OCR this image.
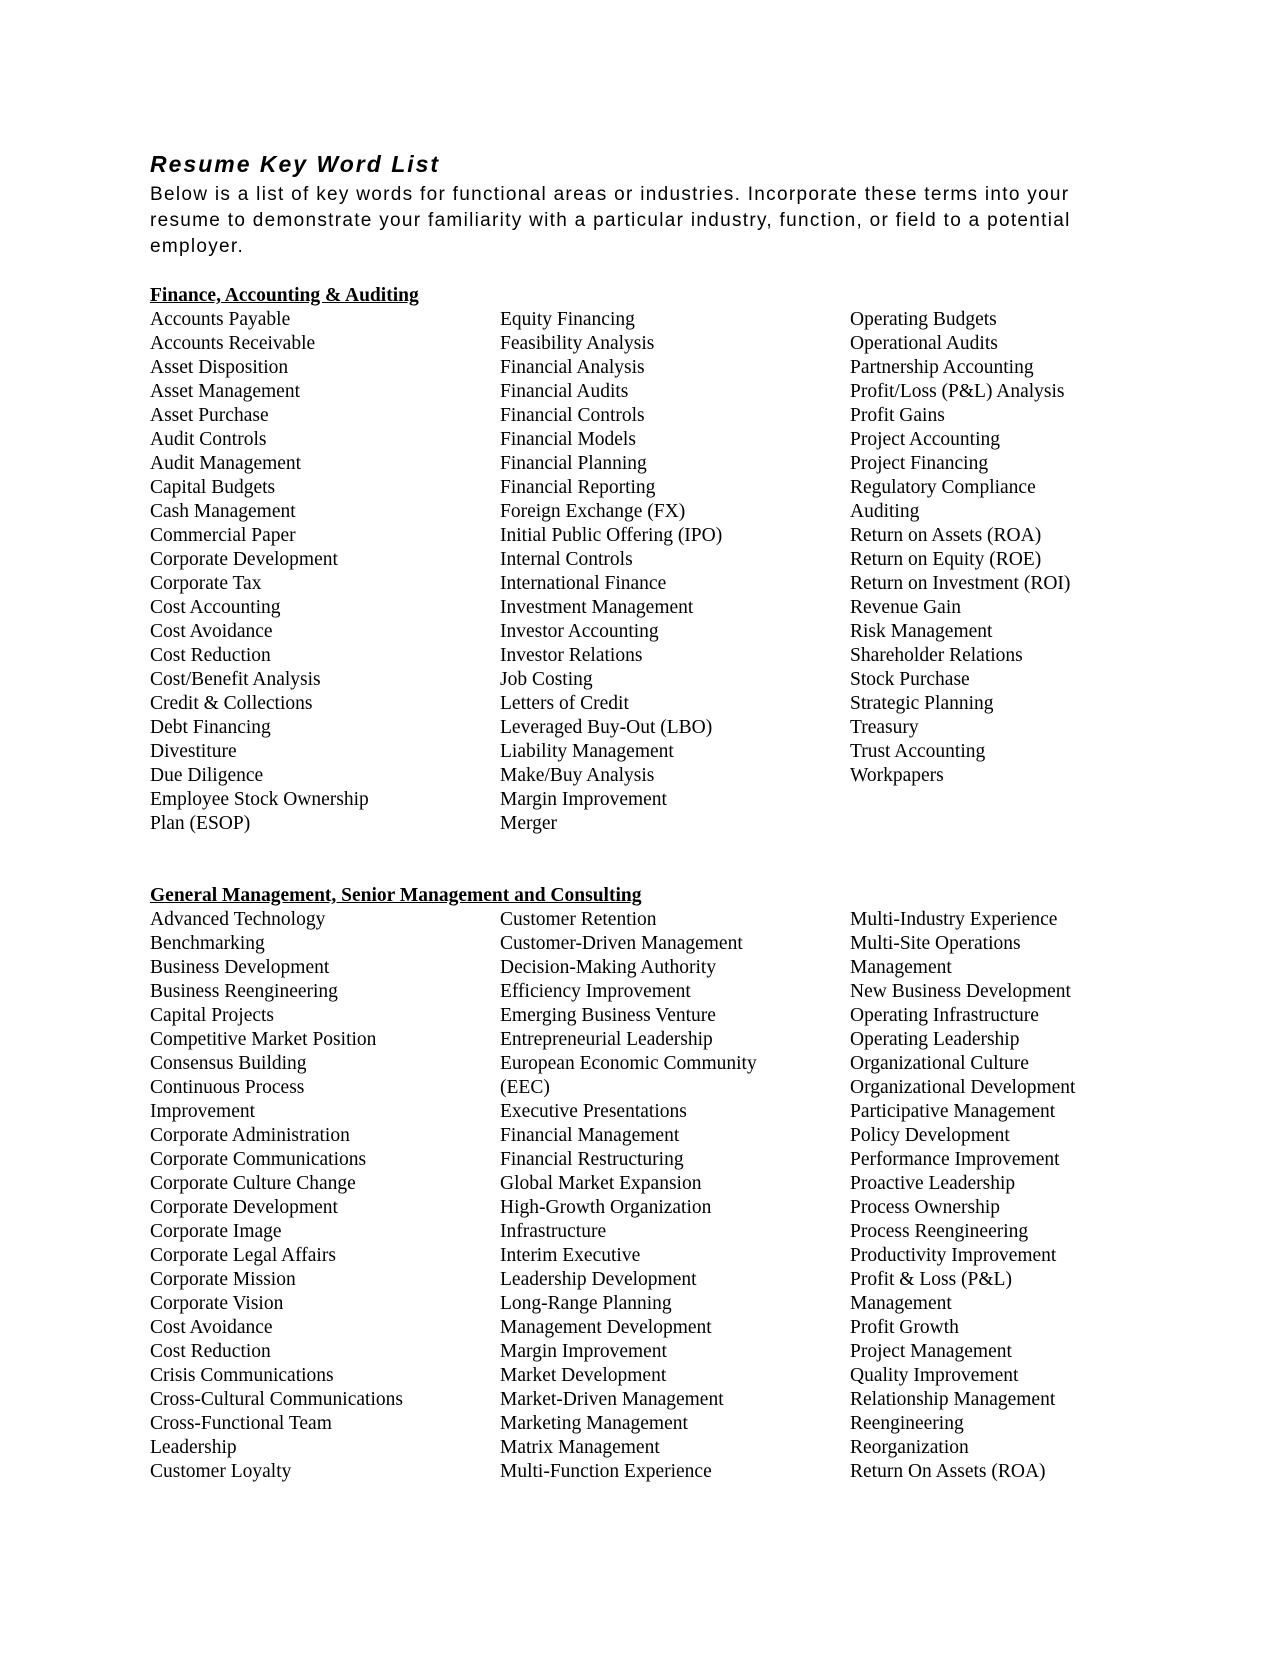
Resume Key Word List

Below is a list of key words for functional areas or industries. Incorporate these terms into your resume to demonstrate your familiarity with a particular industry, function, or field to a potential employer.

Finance, Accounting & Auditing
Accounts Payable
Accounts Receivable
Asset Disposition
Asset Management
Asset Purchase
Audit Controls
Audit Management
Capital Budgets
Cash Management
Commercial Paper
Corporate Development
Corporate Tax
Cost Accounting
Cost Avoidance
Cost Reduction
Cost/Benefit Analysis
Credit & Collections
Debt Financing
Divestiture
Due Diligence
Employee Stock Ownership
Plan (ESOP)
Equity Financing
Feasibility Analysis
Financial Analysis
Financial Audits
Financial Controls
Financial Models
Financial Planning
Financial Reporting
Foreign Exchange (FX)
Initial Public Offering (IPO)
Internal Controls
International Finance
Investment Management
Investor Accounting
Investor Relations
Job Costing
Letters of Credit
Leveraged Buy-Out (LBO)
Liability Management
Make/Buy Analysis
Margin Improvement
Merger
Operating Budgets
Operational Audits
Partnership Accounting
Profit/Loss (P&L) Analysis
Profit Gains
Project Accounting
Project Financing
Regulatory Compliance
Auditing
Return on Assets (ROA)
Return on Equity (ROE)
Return on Investment (ROI)
Revenue Gain
Risk Management
Shareholder Relations
Stock Purchase
Strategic Planning
Treasury
Trust Accounting
Workpapers
General Management, Senior Management and Consulting
Advanced Technology
Benchmarking
Business Development
Business Reengineering
Capital Projects
Competitive Market Position
Consensus Building
Continuous Process
Improvement
Corporate Administration
Corporate Communications
Corporate Culture Change
Corporate Development
Corporate Image
Corporate Legal Affairs
Corporate Mission
Corporate Vision
Cost Avoidance
Cost Reduction
Crisis Communications
Cross-Cultural Communications
Cross-Functional Team
Leadership
Customer Loyalty
Customer Retention
Customer-Driven Management
Decision-Making Authority
Efficiency Improvement
Emerging Business Venture
Entrepreneurial Leadership
European Economic Community
(EEC)
Executive Presentations
Financial Management
Financial Restructuring
Global Market Expansion
High-Growth Organization
Infrastructure
Interim Executive
Leadership Development
Long-Range Planning
Management Development
Margin Improvement
Market Development
Market-Driven Management
Marketing Management
Matrix Management
Multi-Function Experience
Multi-Industry Experience
Multi-Site Operations
Management
New Business Development
Operating Infrastructure
Operating Leadership
Organizational Culture
Organizational Development
Participative Management
Policy Development
Performance Improvement
Proactive Leadership
Process Ownership
Process Reengineering
Productivity Improvement
Profit & Loss (P&L)
Management
Profit Growth
Project Management
Quality Improvement
Relationship Management
Reengineering
Reorganization
Return On Assets (ROA)
